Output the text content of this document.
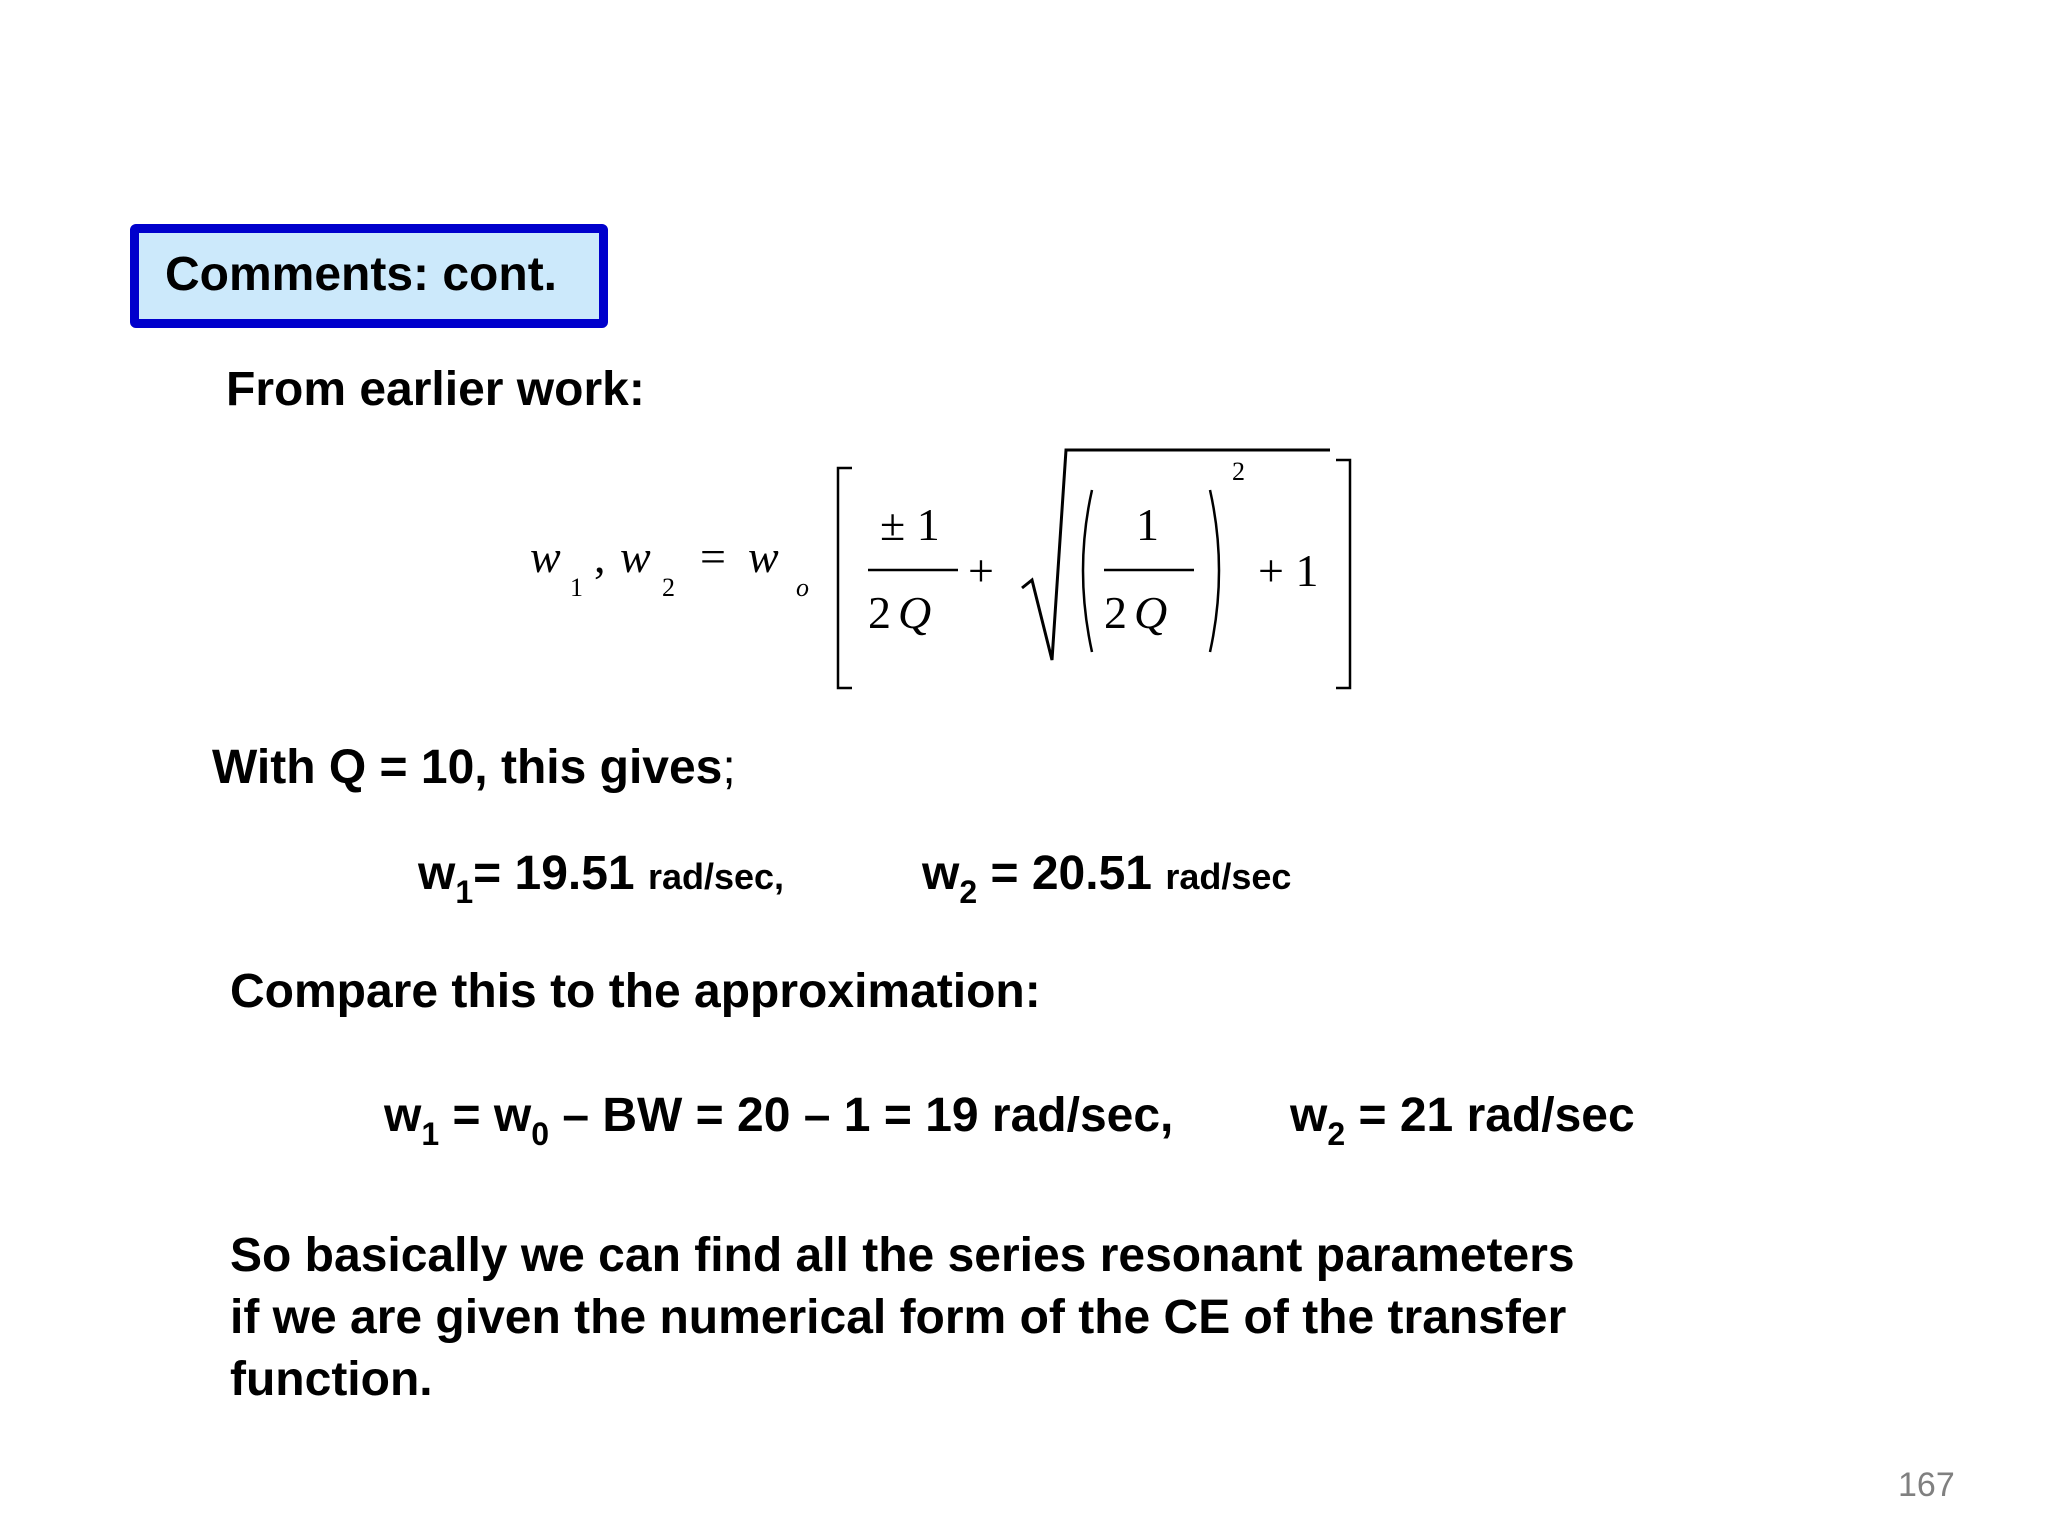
Comments: cont.
From earlier work:
w
1
, w
2
= w
o
± 1
2 Q
+
1
2 Q
2
+ 1
With Q = 10, this gives;
$w_1= 19.51$ rad/sec,	$w_2 = 20.51$ rad/sec
Compare this to the approximation:
$w_1 = w_0$ – BW = 20 – 1 = 19 rad/sec, $w_2 = 21$ rad/sec
So basically we can find all the series resonant parameters
if we are given the numerical form of the CE of the transfer
function.
167
